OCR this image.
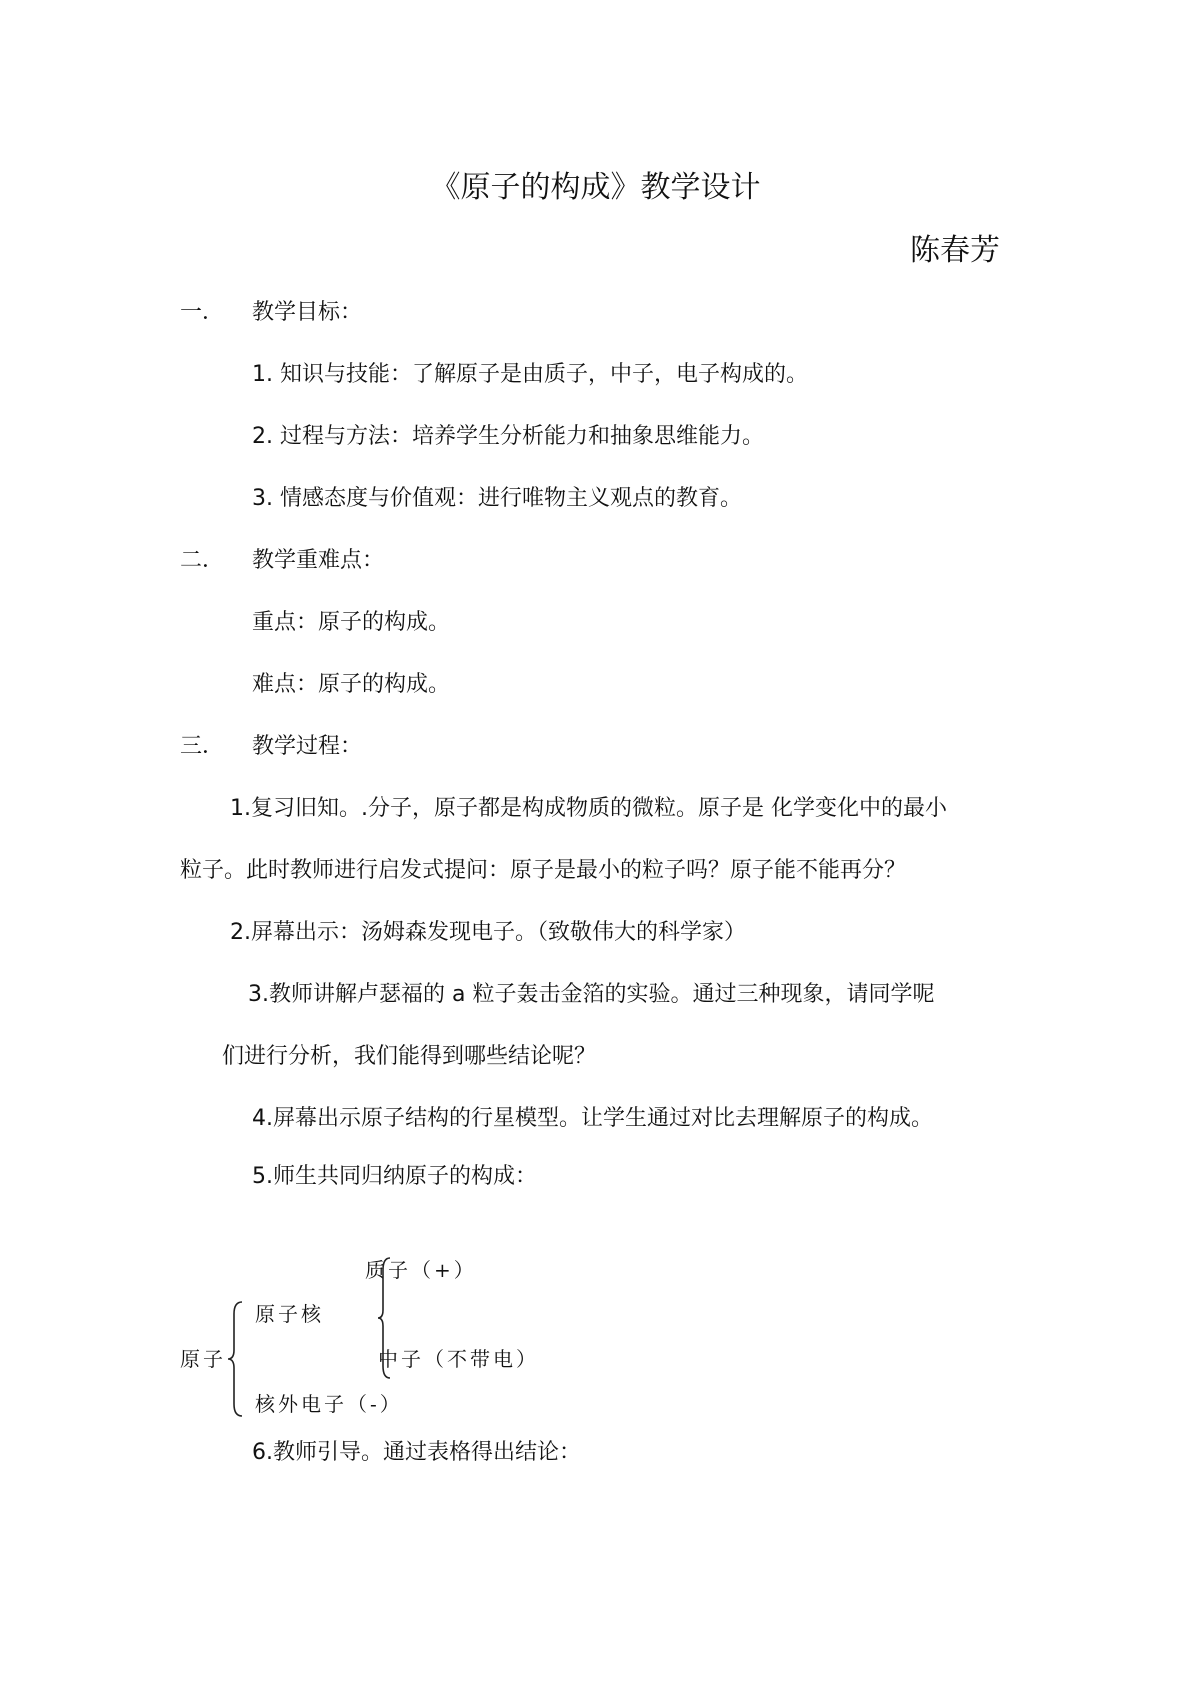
《原子的构成》教学设计
陈春芳
一． 教学目标：
1. 知识与技能：了解原子是由质子，中子，电子构成的。
2. 过程与方法：培养学生分析能力和抽象思维能力。
3. 情感态度与价值观：进行唯物主义观点的教育。
二． 教学重难点：
重点：原子的构成。
难点：原子的构成。
三． 教学过程：
1.复习旧知。.分子，原子都是构成物质的微粒。原子是 化学变化中的最小
粒子。此时教师进行启发式提问：原子是最小的粒子吗？原子能不能再分？
2.屏幕出示：汤姆森发现电子。（致敬伟大的科学家）
3.教师讲解卢瑟福的 a 粒子轰击金箔的实验。通过三种现象，请同学呢
们进行分析，我们能得到哪些结论呢？
4.屏幕出示原子结构的行星模型。让学生通过对比去理解原子的构成。
5.师生共同归纳原子的构成：
质子（+）
原子核
原子	中子（不带电）
核外电子（-）
6.教师引导。通过表格得出结论：
